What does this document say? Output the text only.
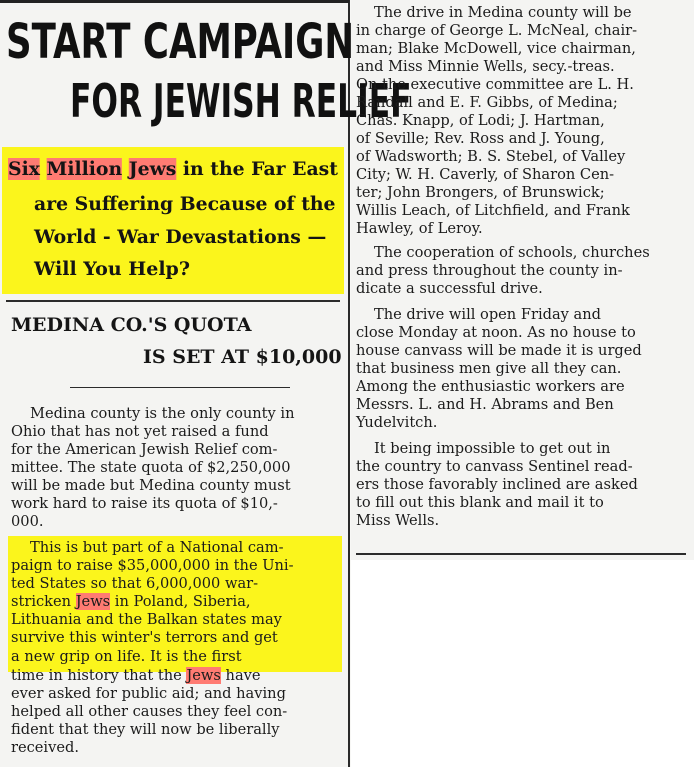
START CAMPAIGN
FOR JEWISH RELIEF
Six Million Jews in the Far East
are Suffering Because of the
World - War Devastations —
Will You Help?
MEDINA CO.'S QUOTA
IS SET AT $10,000
Medina county is the only county in
Ohio that has not yet raised a fund
for the American Jewish Relief com-
mittee. The state quota of $2,250,000
will be made but Medina county must
work hard to raise its quota of $10,-
000.
This is but part of a National cam-
paign to raise $35,000,000 in the Uni-
ted States so that 6,000,000 war-
stricken Jews in Poland, Siberia,
Lithuania and the Balkan states may
survive this winter's terrors and get
a new grip on life. It is the first
time in history that the Jews have
ever asked for public aid; and having
helped all other causes they feel con-
fident that they will now be liberally
received.
The drive in Medina county will be
in charge of George L. McNeal, chair-
man; Blake McDowell, vice chairman,
and Miss Minnie Wells, secy.-treas.
On the executive committee are L. H.
Randall and E. F. Gibbs, of Medina;
Chas. Knapp, of Lodi; J. Hartman,
of Seville; Rev. Ross and J. Young,
of Wadsworth; B. S. Stebel, of Valley
City; W. H. Caverly, of Sharon Cen-
ter; John Brongers, of Brunswick;
Willis Leach, of Litchfield, and Frank
Hawley, of Leroy.
The cooperation of schools, churches
and press throughout the county in-
dicate a successful drive.
The drive will open Friday and
close Monday at noon. As no house to
house canvass will be made it is urged
that business men give all they can.
Among the enthusiastic workers are
Messrs. L. and H. Abrams and Ben
Yudelvitch.
It being impossible to get out in
the country to canvass Sentinel read-
ers those favorably inclined are asked
to fill out this blank and mail it to
Miss Wells.
